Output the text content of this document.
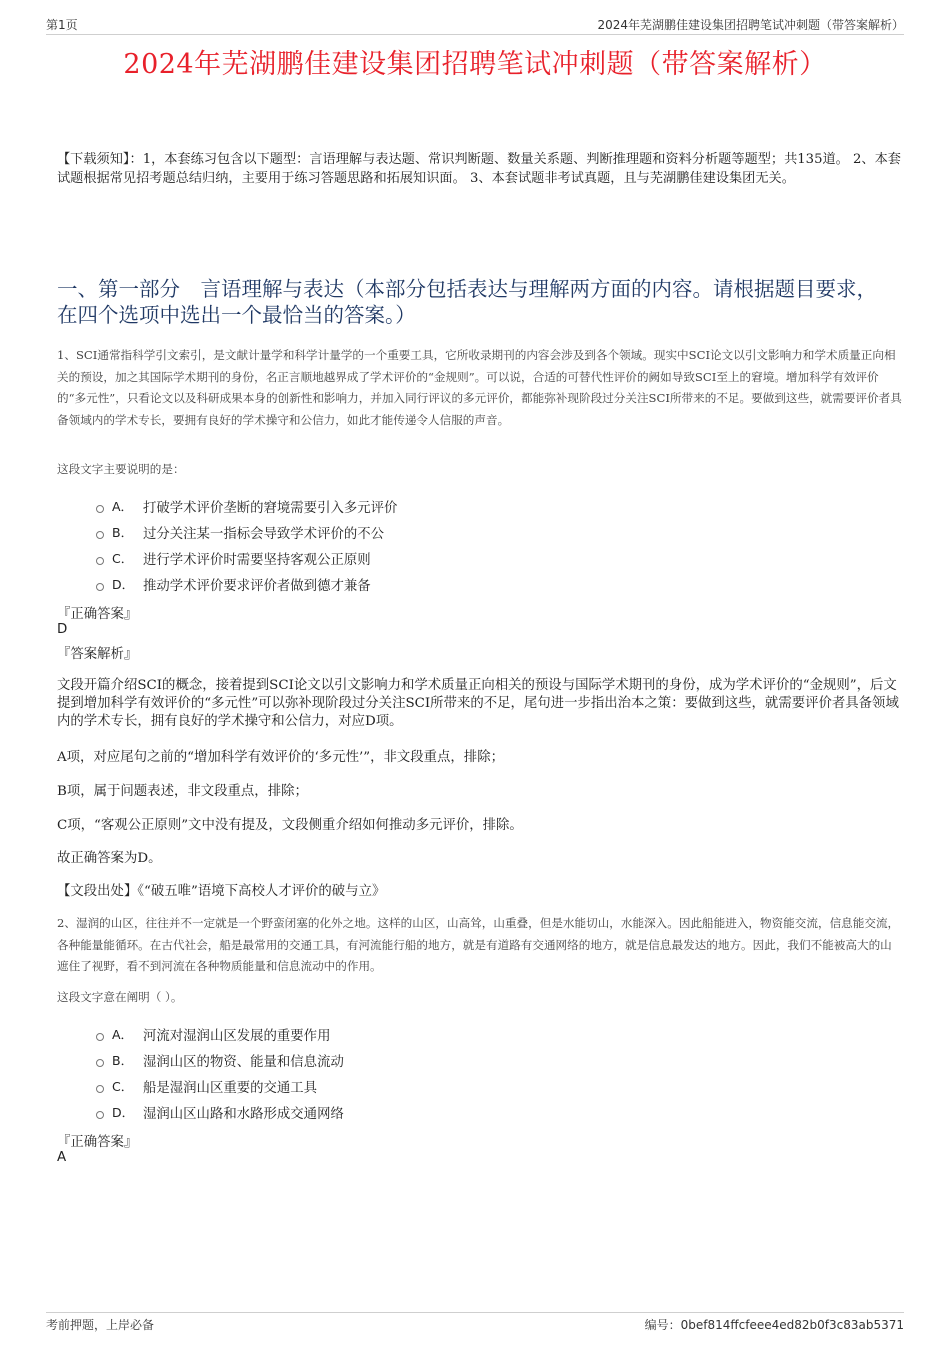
第1页	2024年芜湖鹏佳建设集团招聘笔试冲刺题（带答案解析）
2024年芜湖鹏佳建设集团招聘笔试冲刺题（带答案解析）
【下载须知】：1，本套练习包含以下题型：言语理解与表达题、常识判断题、数量关系题、判断推理题和资料分析题等题型；共135道。 2、本套试题根据常见招考题总结归纳，主要用于练习答题思路和拓展知识面。 3、本套试题非考试真题，且与芜湖鹏佳建设集团无关。
一、第一部分　言语理解与表达（本部分包括表达与理解两方面的内容。请根据题目要求，在四个选项中选出一个最恰当的答案。）
1、SCI通常指科学引文索引，是文献计量学和科学计量学的一个重要工具，它所收录期刊的内容会涉及到各个领域。现实中SCI论文以引文影响力和学术质量正向相关的预设，加之其国际学术期刊的身份，名正言顺地越界成了学术评价的“金规则”。可以说，合适的可替代性评价的阙如导致SCI至上的窘境。增加科学有效评价的“多元性”，只看论文以及科研成果本身的创新性和影响力，并加入同行评议的多元评价，都能弥补现阶段过分关注SCI所带来的不足。要做到这些，就需要评价者具备领域内的学术专长，要拥有良好的学术操守和公信力，如此才能传递令人信服的声音。
这段文字主要说明的是：
A． 打破学术评价垄断的窘境需要引入多元评价
B． 过分关注某一指标会导致学术评价的不公
C． 进行学术评价时需要坚持客观公正原则
D． 推动学术评价要求评价者做到德才兼备
『正确答案』
D
『答案解析』
文段开篇介绍SCI的概念，接着提到SCI论文以引文影响力和学术质量正向相关的预设与国际学术期刊的身份，成为学术评价的“金规则”，后文提到增加科学有效评价的“多元性”可以弥补现阶段过分关注SCI所带来的不足，尾句进一步指出治本之策：要做到这些，就需要评价者具备领域内的学术专长，拥有良好的学术操守和公信力，对应D项。
A项，对应尾句之前的“增加科学有效评价的‘多元性’”，非文段重点，排除；
B项，属于问题表述，非文段重点，排除；
C项，“客观公正原则”文中没有提及，文段侧重介绍如何推动多元评价，排除。
故正确答案为D。
【文段出处】《“破五唯”语境下高校人才评价的破与立》
2、湿润的山区，往往并不一定就是一个野蛮闭塞的化外之地。这样的山区，山高耸，山重叠，但是水能切山，水能深入。因此船能进入，物资能交流，信息能交流，各种能量能循环。在古代社会，船是最常用的交通工具，有河流能行船的地方，就是有道路有交通网络的地方，就是信息最发达的地方。因此，我们不能被高大的山遮住了视野，看不到河流在各种物质能量和信息流动中的作用。
这段文字意在阐明（ ）。
A． 河流对湿润山区发展的重要作用
B． 湿润山区的物资、能量和信息流动
C． 船是湿润山区重要的交通工具
D． 湿润山区山路和水路形成交通网络
『正确答案』
A
考前押题，上岸必备	编号：0bef814ffcfeee4ed82b0f3c83ab5371
